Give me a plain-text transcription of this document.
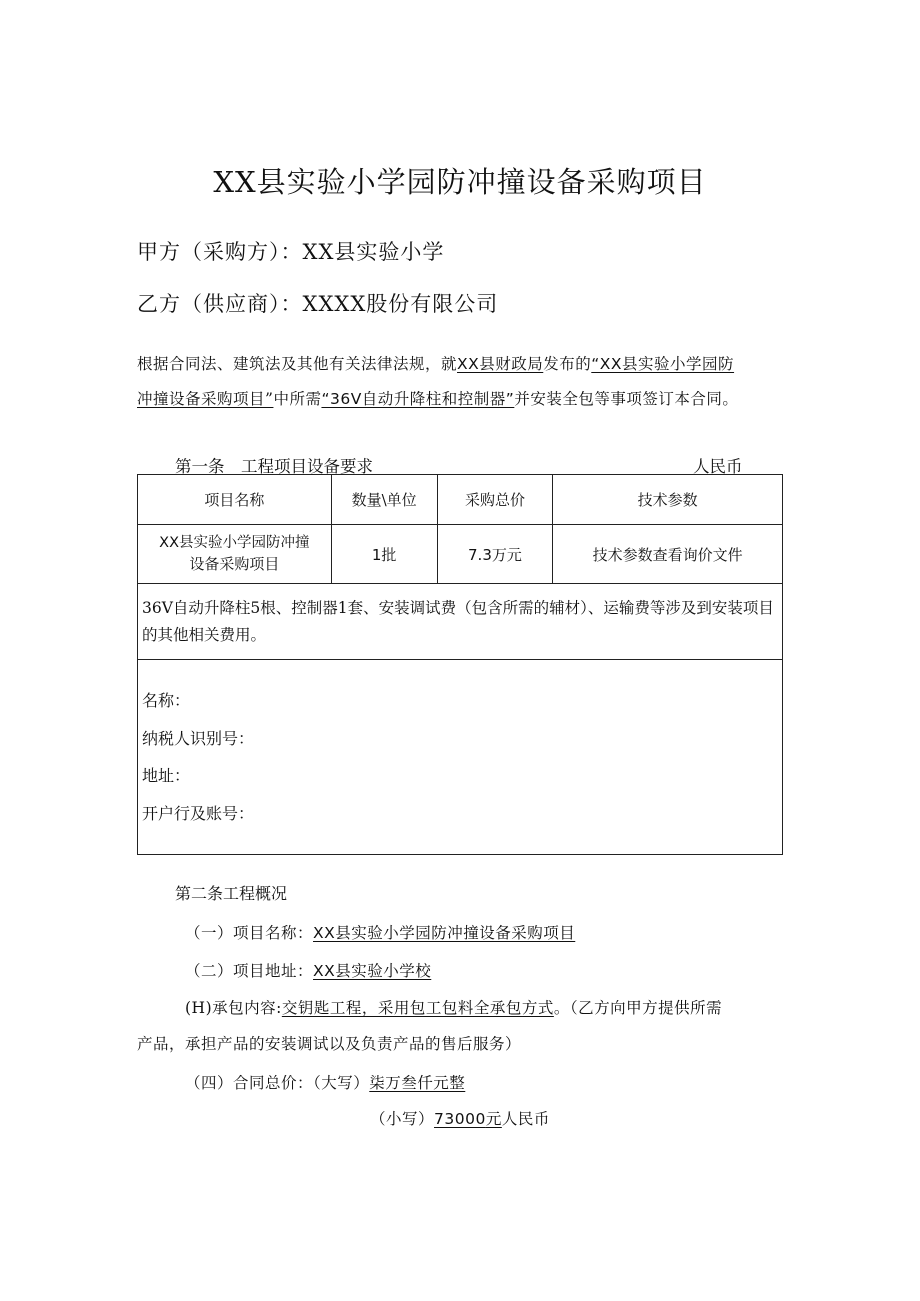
XX县实验小学园防冲撞设备采购项目
甲方（采购方）：XX县实验小学
乙方（供应商）：XXXX股份有限公司
根据合同法、建筑法及其他有关法律法规，就XX县财政局发布的“XX县实验小学园防
冲撞设备采购项目”中所需“36V自动升降柱和控制器”并安装全包等事项签订本合同。
第一条　工程项目设备要求	人民币
项目名称	数量\单位	采购总价	技术参数

XX县实验小学园防冲撞
设备采购项目	1批	7.3万元	技术参数查看询价文件
36V自动升降柱5根、控制器1套、安装调试费（包含所需的辅材）、运输费等涉及到安装项目的其他相关费用。			

名称：
纳税人识别号：
地址：
开户行及账号：			
第二条工程概况
（一）项目名称：XX县实验小学园防冲撞设备采购项目
（二）项目地址：XX县实验小学校
(H)承包内容:交钥匙工程，采用包工包料全承包方式。（乙方向甲方提供所需
产品，承担产品的安装调试以及负责产品的售后服务）
（四）合同总价：（大写）柒万叁仟元整
（小写）73000元人民币
